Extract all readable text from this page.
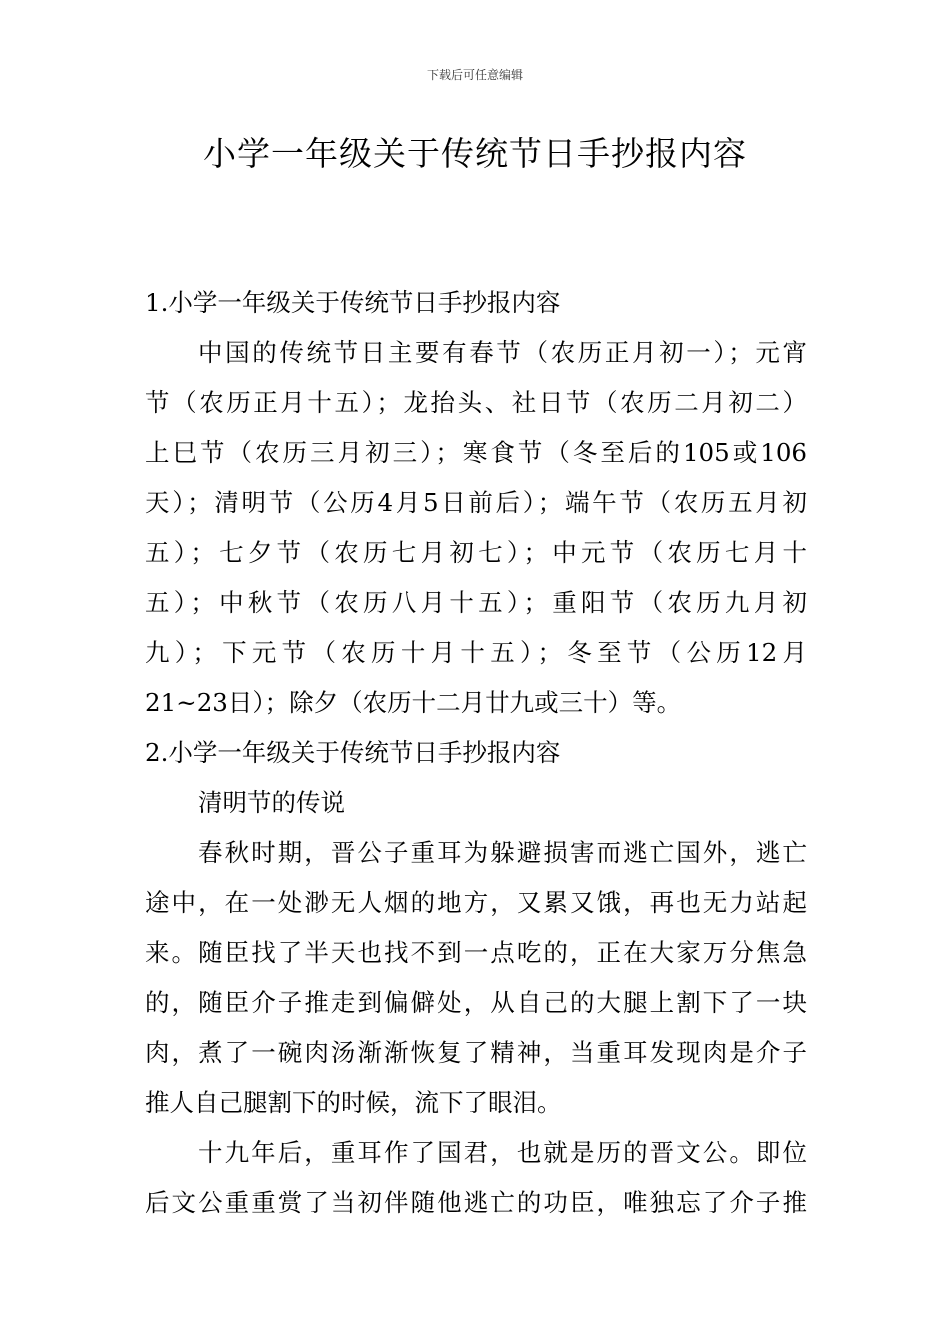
下载后可任意编辑
小学一年级关于传统节日手抄报内容
1.小学一年级关于传统节日手抄报内容
中国的传统节日主要有春节（农历正月初一）；元宵
节（农历正月十五）；龙抬头、社日节（农历二月初二）
上巳节（农历三月初三）；寒食节（冬至后的105或106
天）；清明节（公历4月5日前后）；端午节（农历五月初
五）；七夕节（农历七月初七）；中元节（农历七月十
五）；中秋节（农历八月十五）；重阳节（农历九月初
九）；下元节（农历十月十五）；冬至节（公历12月
21~23日）；除夕（农历十二月廿九或三十）等。
2.小学一年级关于传统节日手抄报内容
清明节的传说
春秋时期，晋公子重耳为躲避损害而逃亡国外，逃亡
途中，在一处渺无人烟的地方，又累又饿，再也无力站起
来。随臣找了半天也找不到一点吃的，正在大家万分焦急
的，随臣介子推走到偏僻处，从自己的大腿上割下了一块
肉，煮了一碗肉汤渐渐恢复了精神，当重耳发现肉是介子
推人自己腿割下的时候，流下了眼泪。
十九年后，重耳作了国君，也就是历的晋文公。即位
后文公重重赏了当初伴随他逃亡的功臣，唯独忘了介子推
